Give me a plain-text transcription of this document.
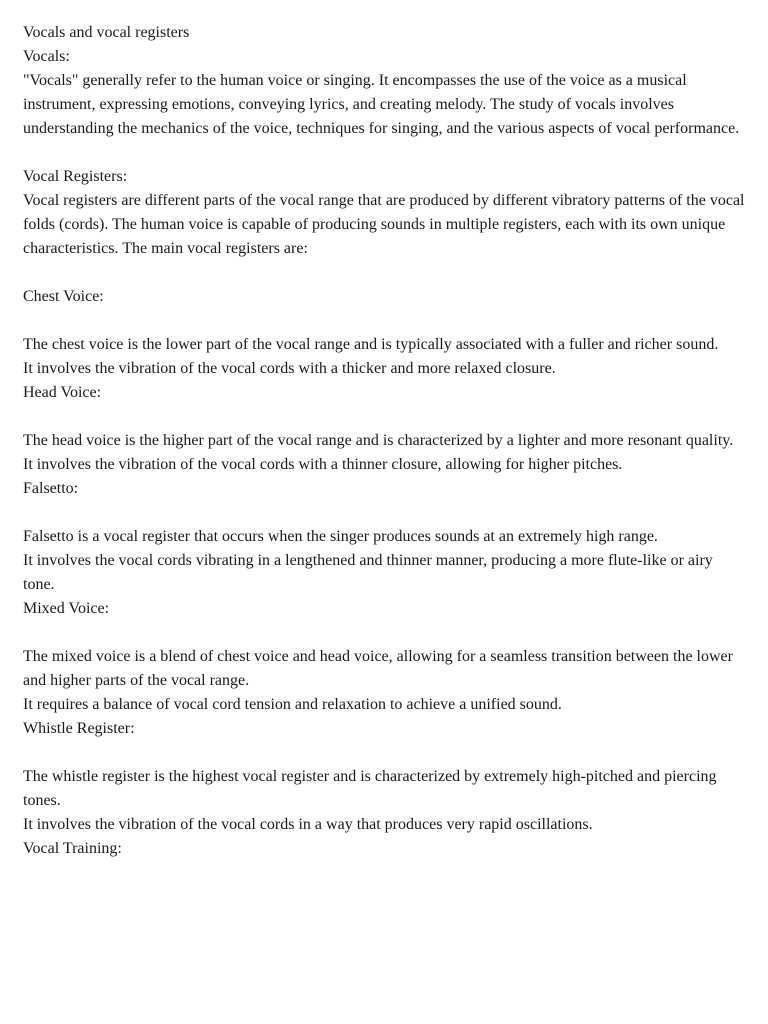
Vocals and vocal registers

Vocals:

"Vocals" generally refer to the human voice or singing. It encompasses the use of the voice as a musical instrument, expressing emotions, conveying lyrics, and creating melody. The study of vocals involves understanding the mechanics of the voice, techniques for singing, and the various aspects of vocal performance.

Vocal Registers:

Vocal registers are different parts of the vocal range that are produced by different vibratory patterns of the vocal folds (cords). The human voice is capable of producing sounds in multiple registers, each with its own unique characteristics. The main vocal registers are:

Chest Voice:

The chest voice is the lower part of the vocal range and is typically associated with a fuller and richer sound.

It involves the vibration of the vocal cords with a thicker and more relaxed closure.

Head Voice:

The head voice is the higher part of the vocal range and is characterized by a lighter and more resonant quality.

It involves the vibration of the vocal cords with a thinner closure, allowing for higher pitches.

Falsetto:

Falsetto is a vocal register that occurs when the singer produces sounds at an extremely high range.

It involves the vocal cords vibrating in a lengthened and thinner manner, producing a more flute-like or airy tone.

Mixed Voice:

The mixed voice is a blend of chest voice and head voice, allowing for a seamless transition between the lower and higher parts of the vocal range.

It requires a balance of vocal cord tension and relaxation to achieve a unified sound.

Whistle Register:

The whistle register is the highest vocal register and is characterized by extremely high-pitched and piercing tones.

It involves the vibration of the vocal cords in a way that produces very rapid oscillations.

Vocal Training:
